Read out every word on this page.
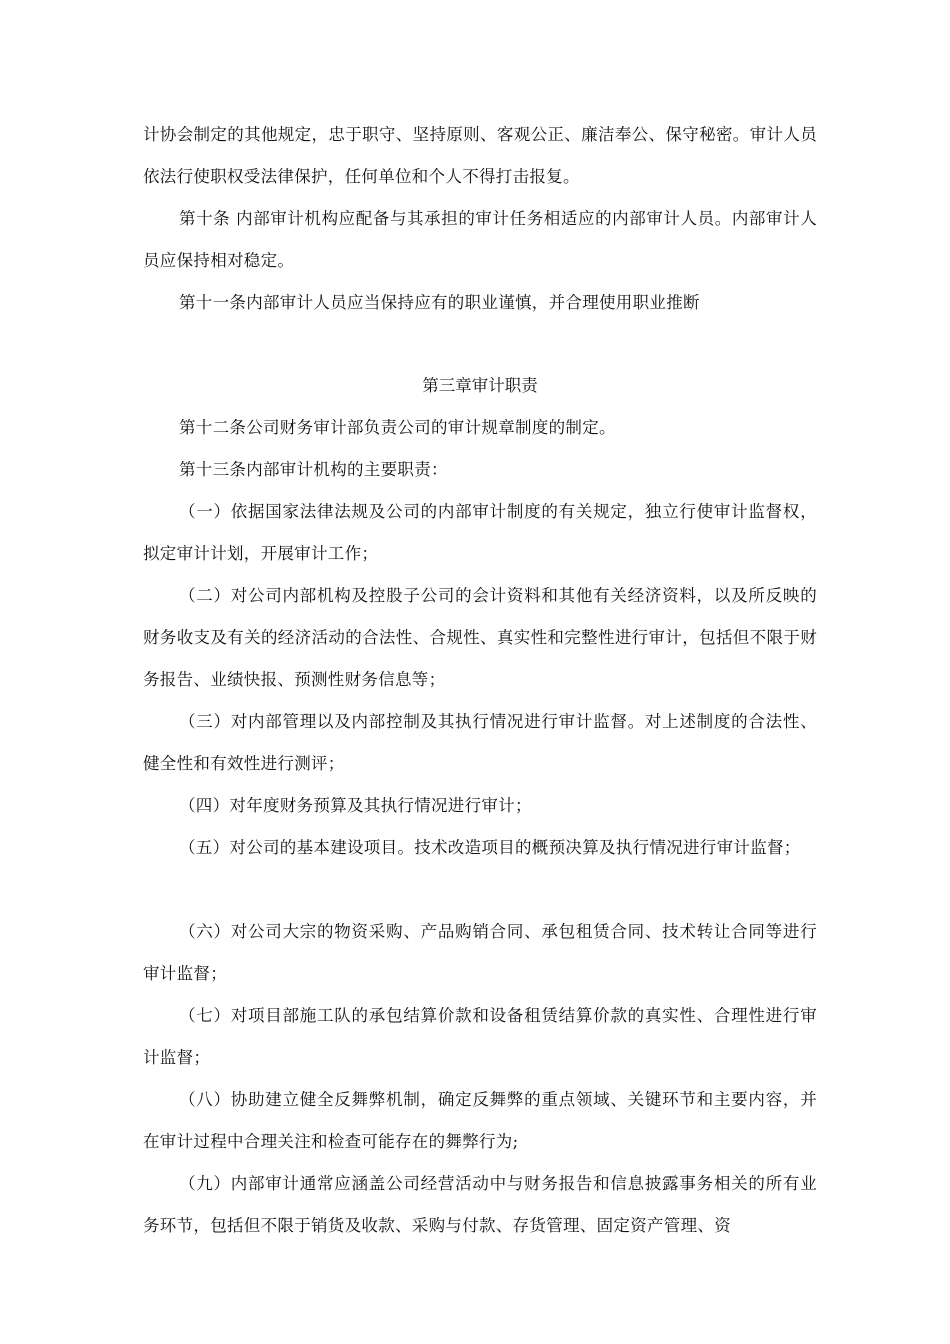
计协会制定的其他规定，忠于职守、坚持原则、客观公正、廉洁奉公、保守秘密。审计人员依法行使职权受法律保护，任何单位和个人不得打击报复。

第十条 内部审计机构应配备与其承担的审计任务相适应的内部审计人员。内部审计人员应保持相对稳定。

第十一条内部审计人员应当保持应有的职业谨慎，并合理使用职业推断

第三章审计职责

第十二条公司财务审计部负责公司的审计规章制度的制定。

第十三条内部审计机构的主要职责：

（一）依据国家法律法规及公司的内部审计制度的有关规定，独立行使审计监督权，拟定审计计划，开展审计工作；

（二）对公司内部机构及控股子公司的会计资料和其他有关经济资料，以及所反映的财务收支及有关的经济活动的合法性、合规性、真实性和完整性进行审计，包括但不限于财务报告、业绩快报、预测性财务信息等；

（三）对内部管理以及内部控制及其执行情况进行审计监督。对上述制度的合法性、健全性和有效性进行测评；

（四）对年度财务预算及其执行情况进行审计；

（五）对公司的基本建设项目。技术改造项目的概预决算及执行情况进行审计监督；

（六）对公司大宗的物资采购、产品购销合同、承包租赁合同、技术转让合同等进行审计监督；

（七）对项目部施工队的承包结算价款和设备租赁结算价款的真实性、合理性进行审计监督；

（八）协助建立健全反舞弊机制，确定反舞弊的重点领域、关键环节和主要内容，并在审计过程中合理关注和检查可能存在的舞弊行为;

（九）内部审计通常应涵盖公司经营活动中与财务报告和信息披露事务相关的所有业务环节，包括但不限于销货及收款、采购与付款、存货管理、固定资产管理、资
